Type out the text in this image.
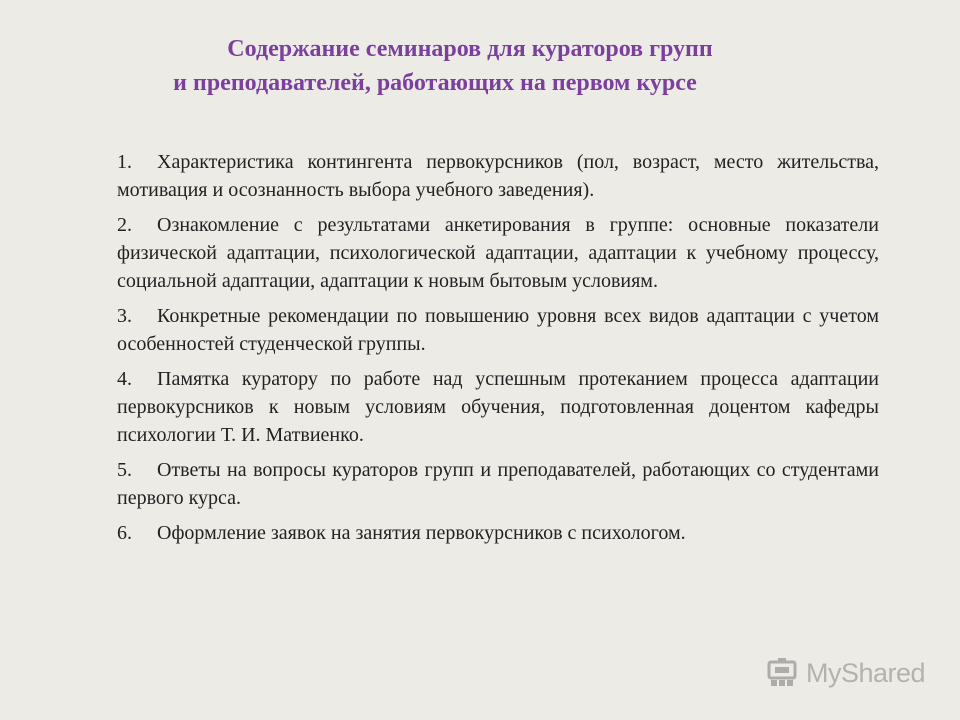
Содержание семинаров для кураторов групп
и преподавателей, работающих на первом курсе
1. Характеристика контингента первокурсников (пол, возраст, место жительства, мотивация и осознанность выбора учебного заведения).
2. Ознакомление с результатами анкетирования в группе: основные показатели физической адаптации, психологической адаптации, адаптации к учебному процессу, социальной адаптации, адаптации к новым бытовым условиям.
3. Конкретные рекомендации по повышению уровня всех видов адаптации с учетом особенностей студенческой группы.
4. Памятка куратору по работе над успешным протеканием процесса адаптации первокурсников к новым условиям обучения, подготовленная доцентом кафедры психологии Т. И. Матвиенко.
5. Ответы на вопросы кураторов групп и преподавателей, работающих со студентами первого курса.
6. Оформление заявок на занятия первокурсников с психологом.
MyShared
